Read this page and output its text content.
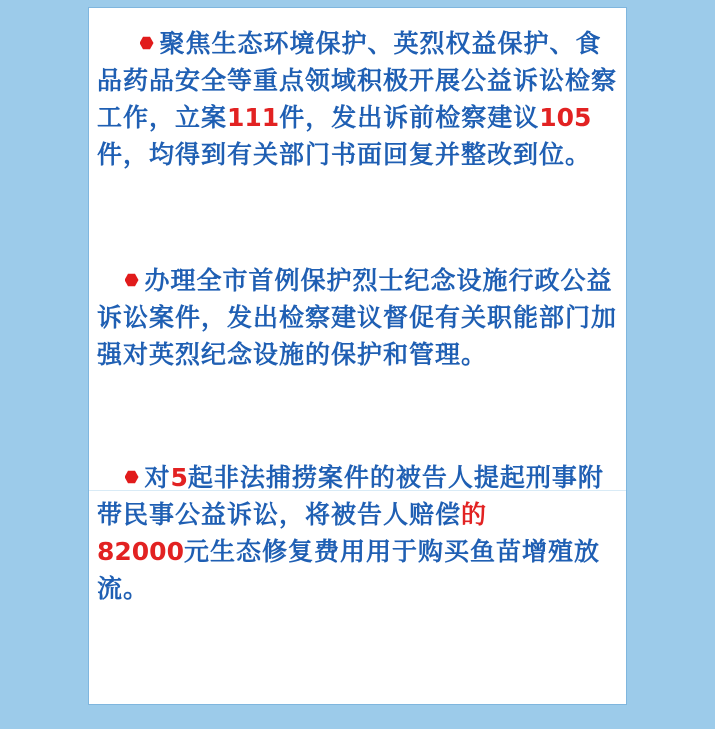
聚焦生态环境保护、英烈权益保护、食品药品安全等重点领域积极开展公益诉讼检察工作，立案111件，发出诉前检察建议105件，均得到有关部门书面回复并整改到位。

办理全市首例保护烈士纪念设施行政公益诉讼案件，发出检察建议督促有关职能部门加强对英烈纪念设施的保护和管理。

对5起非法捕捞案件的被告人提起刑事附带民事公益诉讼，将被告人赔偿的
82000元生态修复费用用于购买鱼苗增殖放流。
